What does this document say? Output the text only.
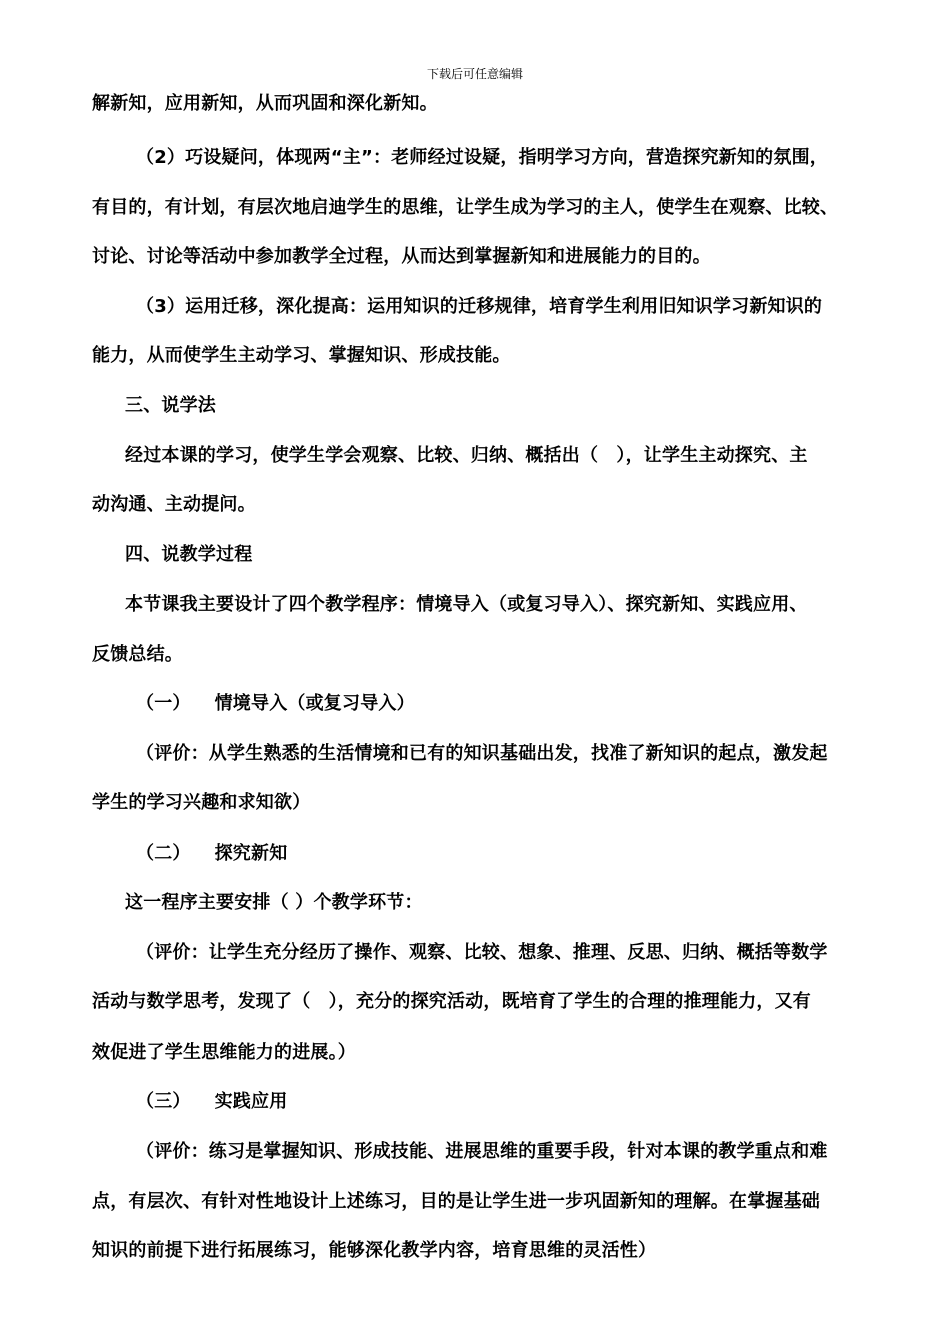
下载后可任意编辑
解新知，应用新知，从而巩固和深化新知。
（2）巧设疑问，体现两“主”：老师经过设疑，指明学习方向，营造探究新知的氛围，
有目的，有计划，有层次地启迪学生的思维，让学生成为学习的主人，使学生在观察、比较、
讨论、讨论等活动中参加教学全过程，从而达到掌握新知和进展能力的目的。
（3）运用迁移，深化提高：运用知识的迁移规律，培育学生利用旧知识学习新知识的
能力，从而使学生主动学习、掌握知识、形成技能。
三、说学法
经过本课的学习，使学生学会观察、比较、归纳、概括出（　），让学生主动探究、主
动沟通、主动提问。
四、说教学过程
本节课我主要设计了四个教学程序：情境导入（或复习导入）、探究新知、实践应用、
反馈总结。
（一） 情境导入（或复习导入）
（评价：从学生熟悉的生活情境和已有的知识基础出发，找准了新知识的起点，激发起
学生的学习兴趣和求知欲）
（二） 探究新知
这一程序主要安排（ ）个教学环节：
（评价：让学生充分经历了操作、观察、比较、想象、推理、反思、归纳、概括等数学
活动与数学思考，发现了（　），充分的探究活动，既培育了学生的合理的推理能力，又有
效促进了学生思维能力的进展。）
（三） 实践应用
（评价：练习是掌握知识、形成技能、进展思维的重要手段，针对本课的教学重点和难
点，有层次、有针对性地设计上述练习，目的是让学生进一步巩固新知的理解。在掌握基础
知识的前提下进行拓展练习，能够深化教学内容，培育思维的灵活性）
